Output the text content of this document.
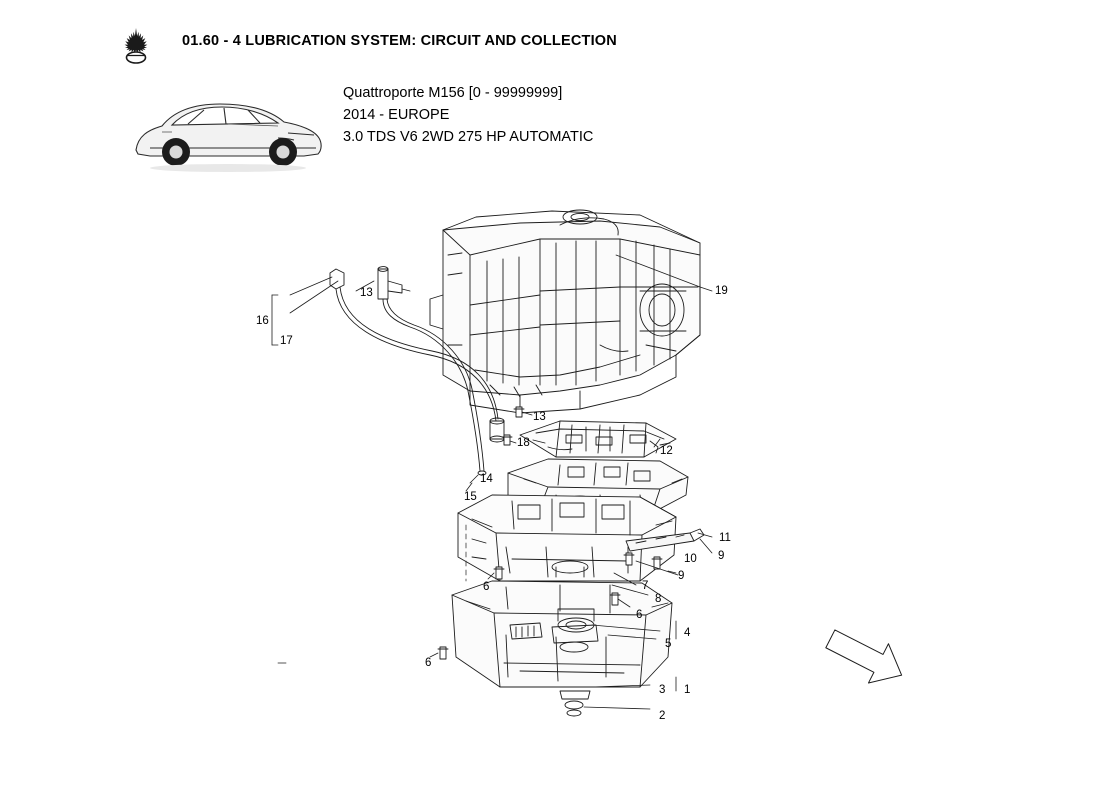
01.60 - 4 LUBRICATION SYSTEM: CIRCUIT AND COLLECTION
Quattroporte M156 [0 - 99999999]
2014 - EUROPE
3.0 TDS V6 2WD 275 HP AUTOMATIC
1
2
3
4
5
6
6
6
7
8
9
9
10
11
12
13
13
14
15
16
17
18
19
